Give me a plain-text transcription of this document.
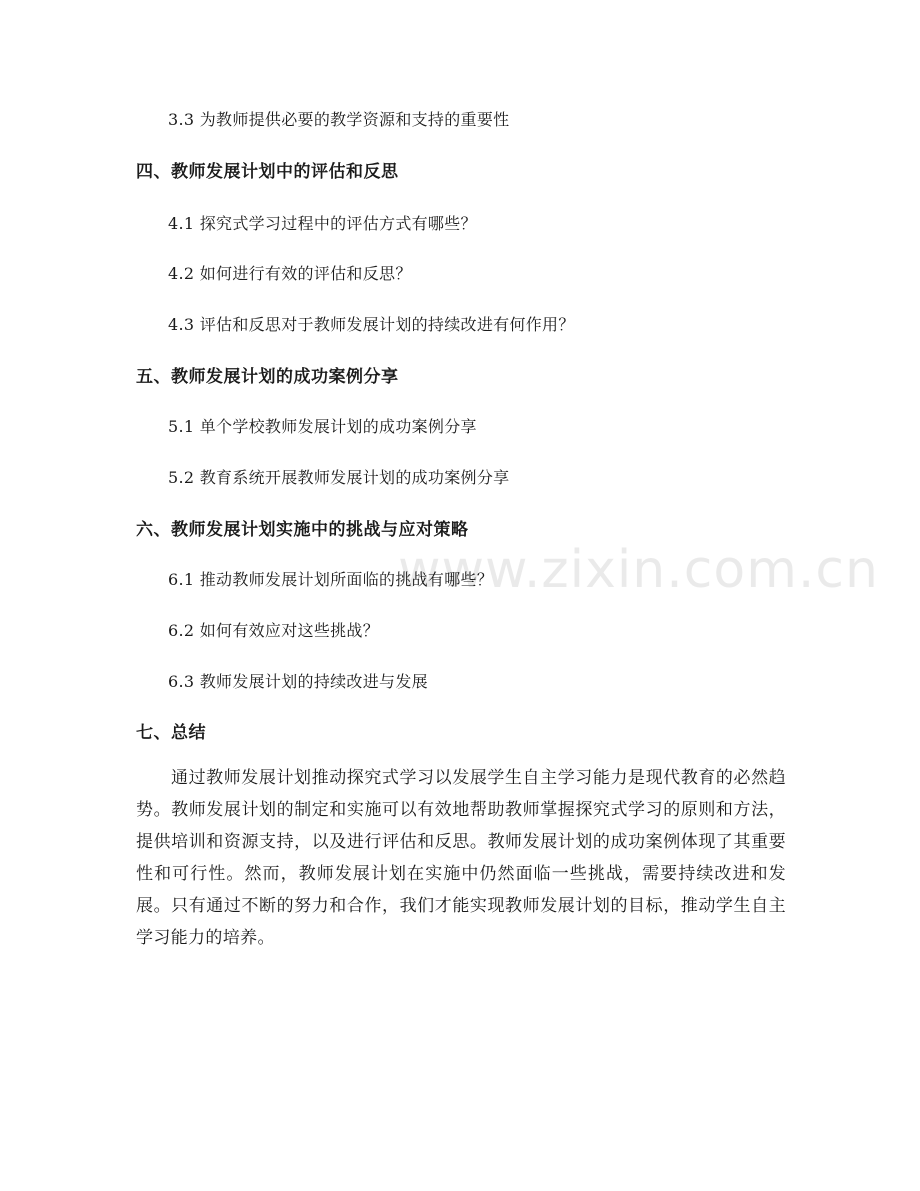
www.zixin.com.cn
3.3 为教师提供必要的教学资源和支持的重要性
四、教师发展计划中的评估和反思
4.1 探究式学习过程中的评估方式有哪些？
4.2 如何进行有效的评估和反思？
4.3 评估和反思对于教师发展计划的持续改进有何作用？
五、教师发展计划的成功案例分享
5.1 单个学校教师发展计划的成功案例分享
5.2 教育系统开展教师发展计划的成功案例分享
六、教师发展计划实施中的挑战与应对策略
6.1 推动教师发展计划所面临的挑战有哪些？
6.2 如何有效应对这些挑战？
6.3 教师发展计划的持续改进与发展
七、总结

通过教师发展计划推动探究式学习以发展学生自主学习能力是现代教育的必然趋势。教师发展计划的制定和实施可以有效地帮助教师掌握探究式学习的原则和方法，提供培训和资源支持，以及进行评估和反思。教师发展计划的成功案例体现了其重要性和可行性。然而，教师发展计划在实施中仍然面临一些挑战，需要持续改进和发展。只有通过不断的努力和合作，我们才能实现教师发展计划的目标，推动学生自主学习能力的培养。
